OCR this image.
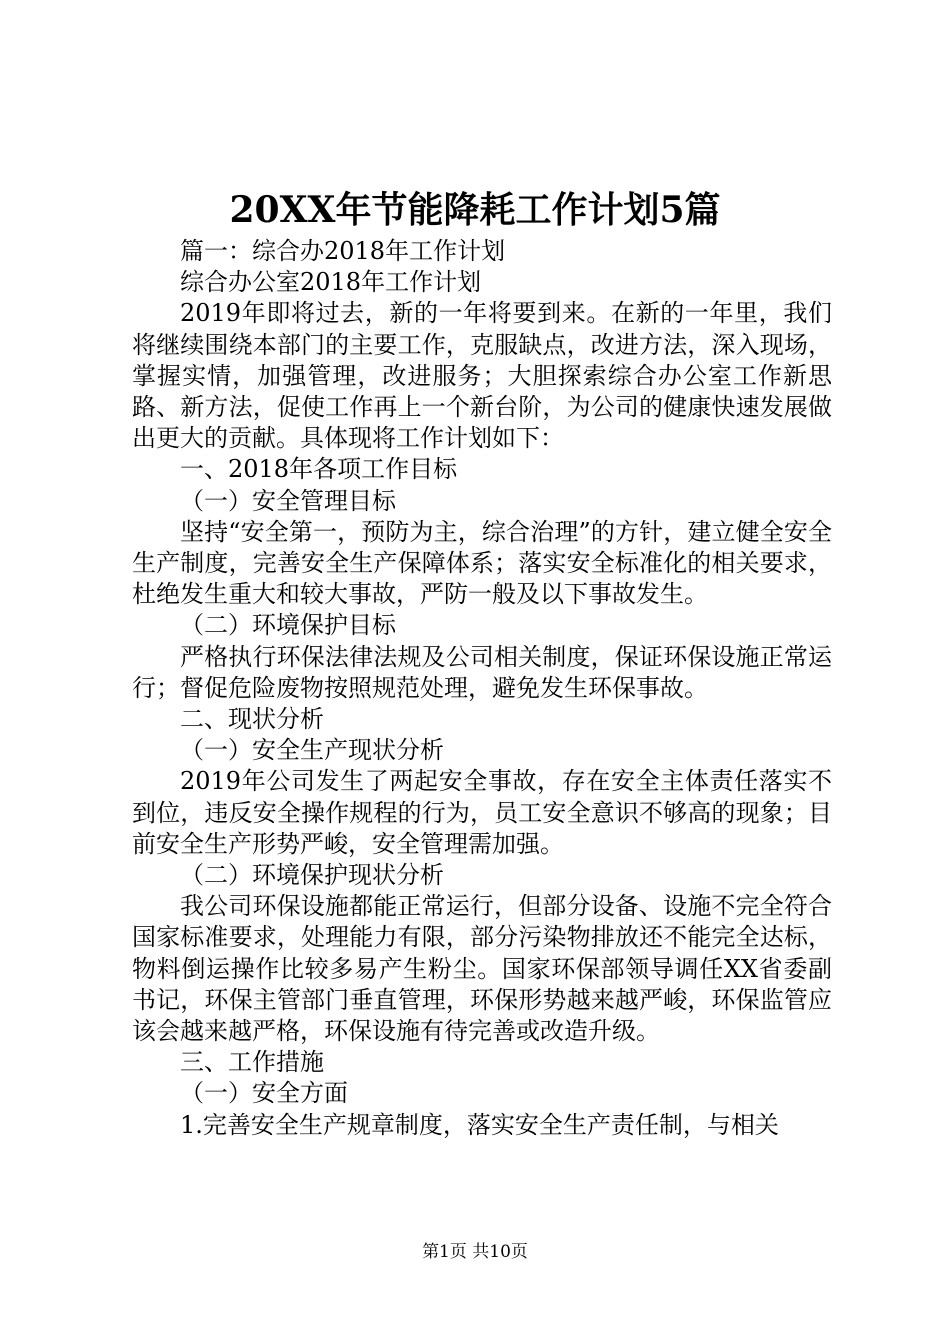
20XX年节能降耗工作计划5篇

篇一：综合办2018年工作计划

综合办公室2018年工作计划

2019年即将过去，新的一年将要到来。在新的一年里，我们将继续围绕本部门的主要工作，克服缺点，改进方法，深入现场，掌握实情，加强管理，改进服务；大胆探索综合办公室工作新思路、新方法，促使工作再上一个新台阶，为公司的健康快速发展做出更大的贡献。具体现将工作计划如下：

一、2018年各项工作目标

（一）安全管理目标

坚持“安全第一，预防为主，综合治理”的方针，建立健全安全生产制度，完善安全生产保障体系；落实安全标准化的相关要求，杜绝发生重大和较大事故，严防一般及以下事故发生。

（二）环境保护目标

严格执行环保法律法规及公司相关制度，保证环保设施正常运行；督促危险废物按照规范处理，避免发生环保事故。

二、现状分析

（一）安全生产现状分析

2019年公司发生了两起安全事故，存在安全主体责任落实不到位，违反安全操作规程的行为，员工安全意识不够高的现象；目前安全生产形势严峻，安全管理需加强。

（二）环境保护现状分析

我公司环保设施都能正常运行，但部分设备、设施不完全符合国家标准要求，处理能力有限，部分污染物排放还不能完全达标，物料倒运操作比较多易产生粉尘。国家环保部领导调任XX省委副书记，环保主管部门垂直管理，环保形势越来越严峻，环保监管应该会越来越严格，环保设施有待完善或改造升级。

三、工作措施

（一）安全方面

1.完善安全生产规章制度，落实安全生产责任制，与相关

第1页 共10页
